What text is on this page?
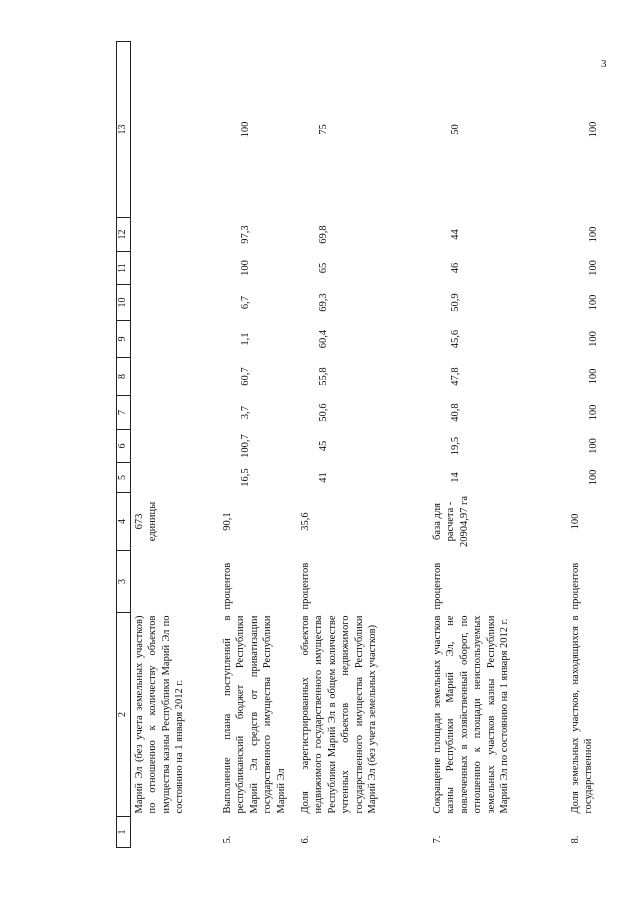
3
1	2	3	4	5	6	7	8	9	10	11	12	13
	Марий Эл (без учета земельных участков) по отношению к количеству объектов имущества казны Республики Марий Эл по состоянию на 1 января 2012 г.		673 единицы									
5.	Выполнение плана поступлений в республиканский бюджет Республики Марий Эл средств от приватизации государственного имущества Республики Марий Эл	процентов	90,1	16,5	100,7	3,7	60,7	1,1	6,7	100	97,3	100
6.	Доля зарегистрированных объектов недвижимого государственного имущества Республики Марий Эл в общем количестве учтенных объектов недвижимого государственного имущества Республики Марий Эл (без учета земельных участков)	процентов	35,6	41	45	50,6	55,8	60,4	69,3	65	69,8	75
7.	Сокращение площади земельных участков казны Республики Марий Эл, не вовлеченных в хозяйственный оборот, по отношению к площади неиспользуемых земельных участков казны Республики Марий Эл по состоянию на 1 января 2012 г.	процентов	база для расчета - 20904,97 га	14	19,5	40,8	47,8	45,6	50,9	46	44	50
8.	Доля земельных участков, находящихся в государственной	процентов	100	100	100	100	100	100	100	100	100	100
